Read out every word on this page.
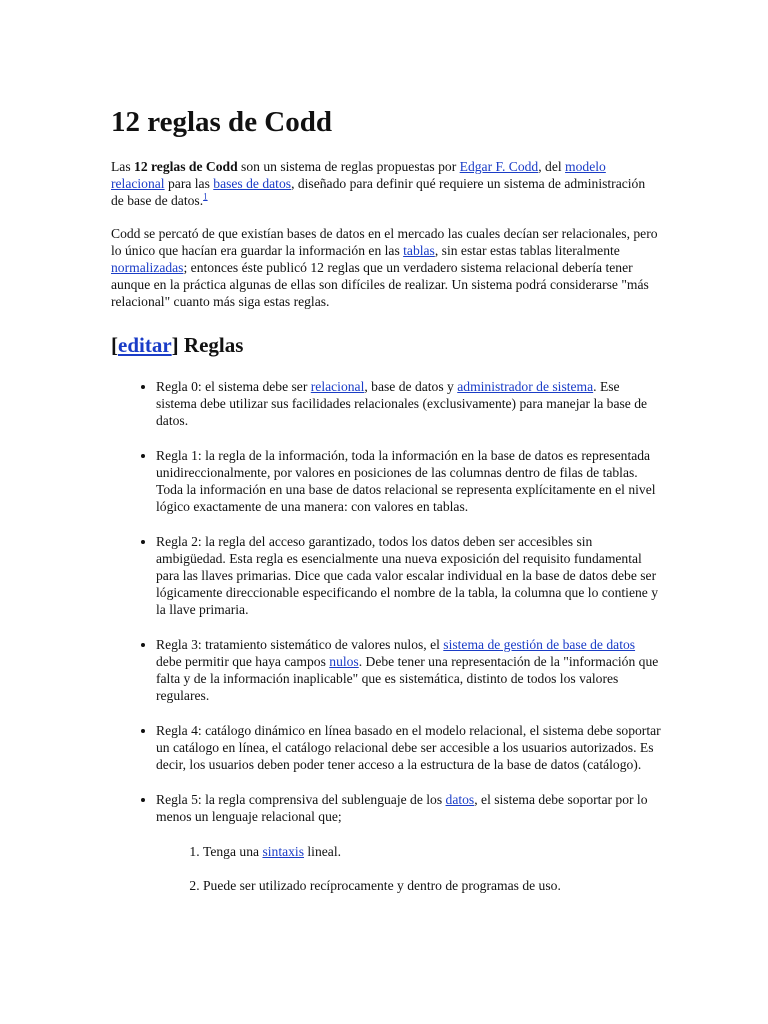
12 reglas de Codd

Las 12 reglas de Codd son un sistema de reglas propuestas por Edgar F. Codd, del modelo relacional para las bases de datos, diseñado para definir qué requiere un sistema de administración de base de datos.$^1$

Codd se percató de que existían bases de datos en el mercado las cuales decían ser relacionales, pero lo único que hacían era guardar la información en las tablas, sin estar estas tablas literalmente normalizadas; entonces éste publicó 12 reglas que un verdadero sistema relacional debería tener aunque en la práctica algunas de ellas son difíciles de realizar. Un sistema podrá considerarse "más relacional" cuanto más siga estas reglas.

[editar] Reglas
• Regla 0: el sistema debe ser relacional, base de datos y administrador de sistema. Ese sistema debe utilizar sus facilidades relacionales (exclusivamente) para manejar la base de datos.
• Regla 1: la regla de la información, toda la información en la base de datos es representada unidireccionalmente, por valores en posiciones de las columnas dentro de filas de tablas. Toda la información en una base de datos relacional se representa explícitamente en el nivel lógico exactamente de una manera: con valores en tablas.
• Regla 2: la regla del acceso garantizado, todos los datos deben ser accesibles sin ambigüedad. Esta regla es esencialmente una nueva exposición del requisito fundamental para las llaves primarias. Dice que cada valor escalar individual en la base de datos debe ser lógicamente direccionable especificando el nombre de la tabla, la columna que lo contiene y la llave primaria.
• Regla 3: tratamiento sistemático de valores nulos, el sistema de gestión de base de datos debe permitir que haya campos nulos. Debe tener una representación de la "información que falta y de la información inaplicable" que es sistemática, distinto de todos los valores regulares.
• Regla 4: catálogo dinámico en línea basado en el modelo relacional, el sistema debe soportar un catálogo en línea, el catálogo relacional debe ser accesible a los usuarios autorizados. Es decir, los usuarios deben poder tener acceso a la estructura de la base de datos (catálogo).
• Regla 5: la regla comprensiva del sublenguaje de los datos, el sistema debe soportar por lo menos un lenguaje relacional que;
1. Tenga una sintaxis lineal.
2. Puede ser utilizado recíprocamente y dentro de programas de uso.
